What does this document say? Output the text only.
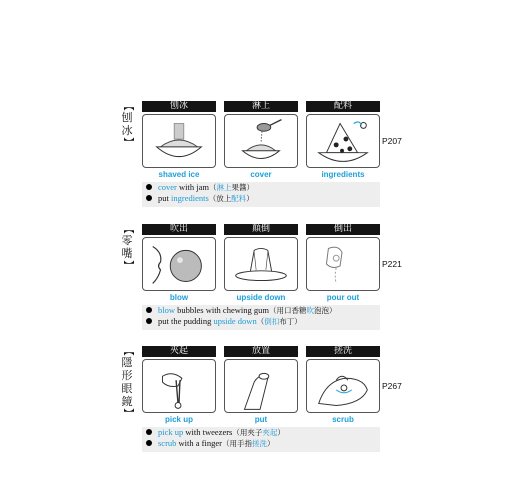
【
刨
冰
】
刨冰
shaved ice
淋上
cover
配料
ingredients
P207
cover with jam（淋上果醬）
put ingredients（放上配料）
【
零
嘴
】
吹出
blow
顛倒
upside down
倒出
pour out
P221
blow bubbles with chewing gum（用口香糖吹泡泡）
put the pudding upside down（倒扣布丁）
【
隱
形
眼
鏡
】
夾起
pick up
放置
put
搓洗
scrub
P267
pick up with tweezers（用夾子夾起）
scrub with a finger（用手指搓洗）
